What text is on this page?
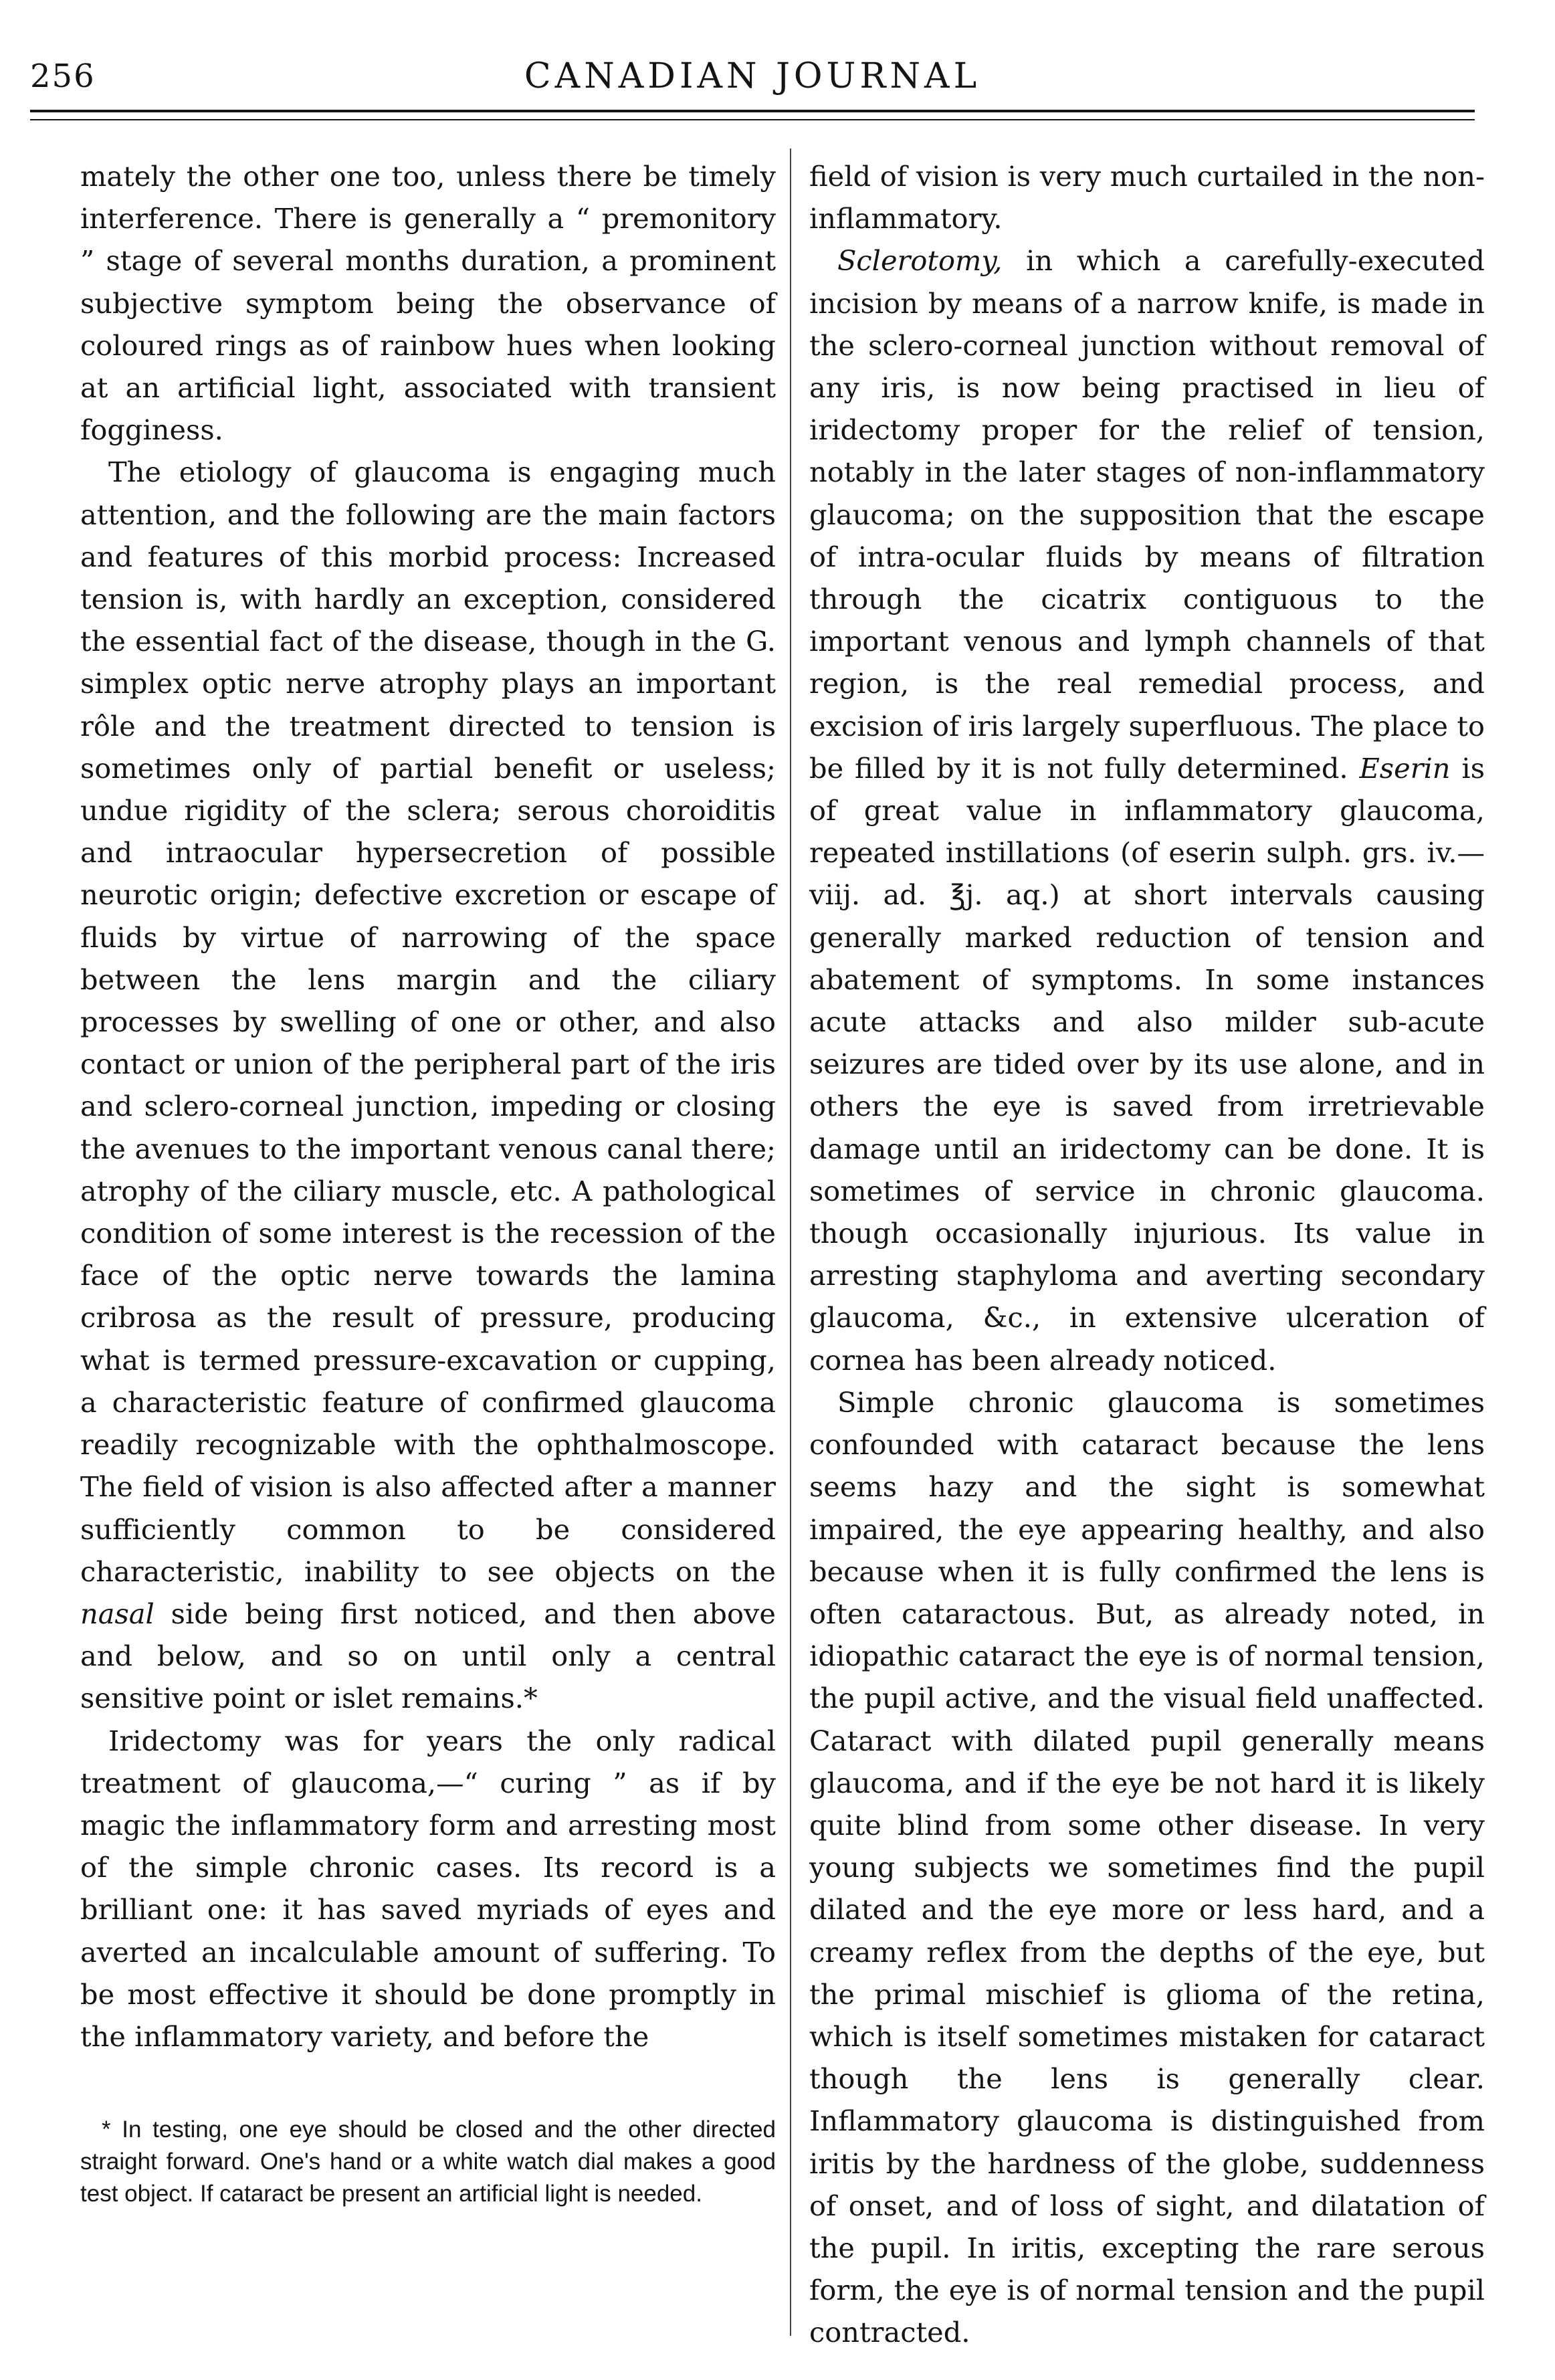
256	CANADIAN JOURNAL

mately the other one too, unless there be timely interference. There is generally a “ premonitory ” stage of several months duration, a prominent subjective symptom being the observance of coloured rings as of rainbow hues when looking at an artificial light, associated with transient fogginess.

The etiology of glaucoma is engaging much attention, and the following are the main factors and features of this morbid process: Increased tension is, with hardly an exception, considered the essential fact of the disease, though in the G. simplex optic nerve atrophy plays an important rôle and the treatment directed to tension is sometimes only of partial benefit or useless; undue rigidity of the sclera; serous choroiditis and intraocular hypersecretion of possible neurotic origin; defective excretion or escape of fluids by virtue of narrowing of the space between the lens margin and the ciliary processes by swelling of one or other, and also contact or union of the peripheral part of the iris and sclero-corneal junction, impeding or closing the avenues to the important venous canal there; atrophy of the ciliary muscle, etc. A pathological condition of some interest is the recession of the face of the optic nerve towards the lamina cribrosa as the result of pressure, producing what is termed pressure-excavation or cupping, a characteristic feature of confirmed glaucoma readily recognizable with the ophthalmoscope. The field of vision is also affected after a manner sufficiently common to be considered characteristic, inability to see objects on the nasal side being first noticed, and then above and below, and so on until only a central sensitive point or islet remains.*

Iridectomy was for years the only radical treatment of glaucoma,—“ curing ” as if by magic the inflammatory form and arresting most of the simple chronic cases. Its record is a brilliant one: it has saved myriads of eyes and averted an incalculable amount of suffering. To be most effective it should be done promptly in the inflammatory variety, and before the

* In testing, one eye should be closed and the other directed straight forward. One's hand or a white watch dial makes a good test object. If cataract be present an artificial light is needed.

field of vision is very much curtailed in the non-inflammatory.

Sclerotomy, in which a carefully-executed incision by means of a narrow knife, is made in the sclero-corneal junction without removal of any iris, is now being practised in lieu of iridectomy proper for the relief of tension, notably in the later stages of non-inflammatory glaucoma; on the supposition that the escape of intra-ocular fluids by means of filtration through the cicatrix contiguous to the important venous and lymph channels of that region, is the real remedial process, and excision of iris largely superfluous. The place to be filled by it is not fully determined. Eserin is of great value in inflammatory glaucoma, repeated instillations (of eserin sulph. grs. iv.—viij. ad. ℥j. aq.) at short intervals causing generally marked reduction of tension and abatement of symptoms. In some instances acute attacks and also milder sub-acute seizures are tided over by its use alone, and in others the eye is saved from irretrievable damage until an iridectomy can be done. It is sometimes of service in chronic glaucoma. though occasionally injurious. Its value in arresting staphyloma and averting secondary glaucoma, &c., in extensive ulceration of cornea has been already noticed.

Simple chronic glaucoma is sometimes confounded with cataract because the lens seems hazy and the sight is somewhat impaired, the eye appearing healthy, and also because when it is fully confirmed the lens is often cataractous. But, as already noted, in idiopathic cataract the eye is of normal tension, the pupil active, and the visual field unaffected. Cataract with dilated pupil generally means glaucoma, and if the eye be not hard it is likely quite blind from some other disease. In very young subjects we sometimes find the pupil dilated and the eye more or less hard, and a creamy reflex from the depths of the eye, but the primal mischief is glioma of the retina, which is itself sometimes mistaken for cataract though the lens is generally clear. Inflammatory glaucoma is distinguished from iritis by the hardness of the globe, suddenness of onset, and of loss of sight, and dilatation of the pupil. In iritis, excepting the rare serous form, the eye is of normal tension and the pupil contracted.
